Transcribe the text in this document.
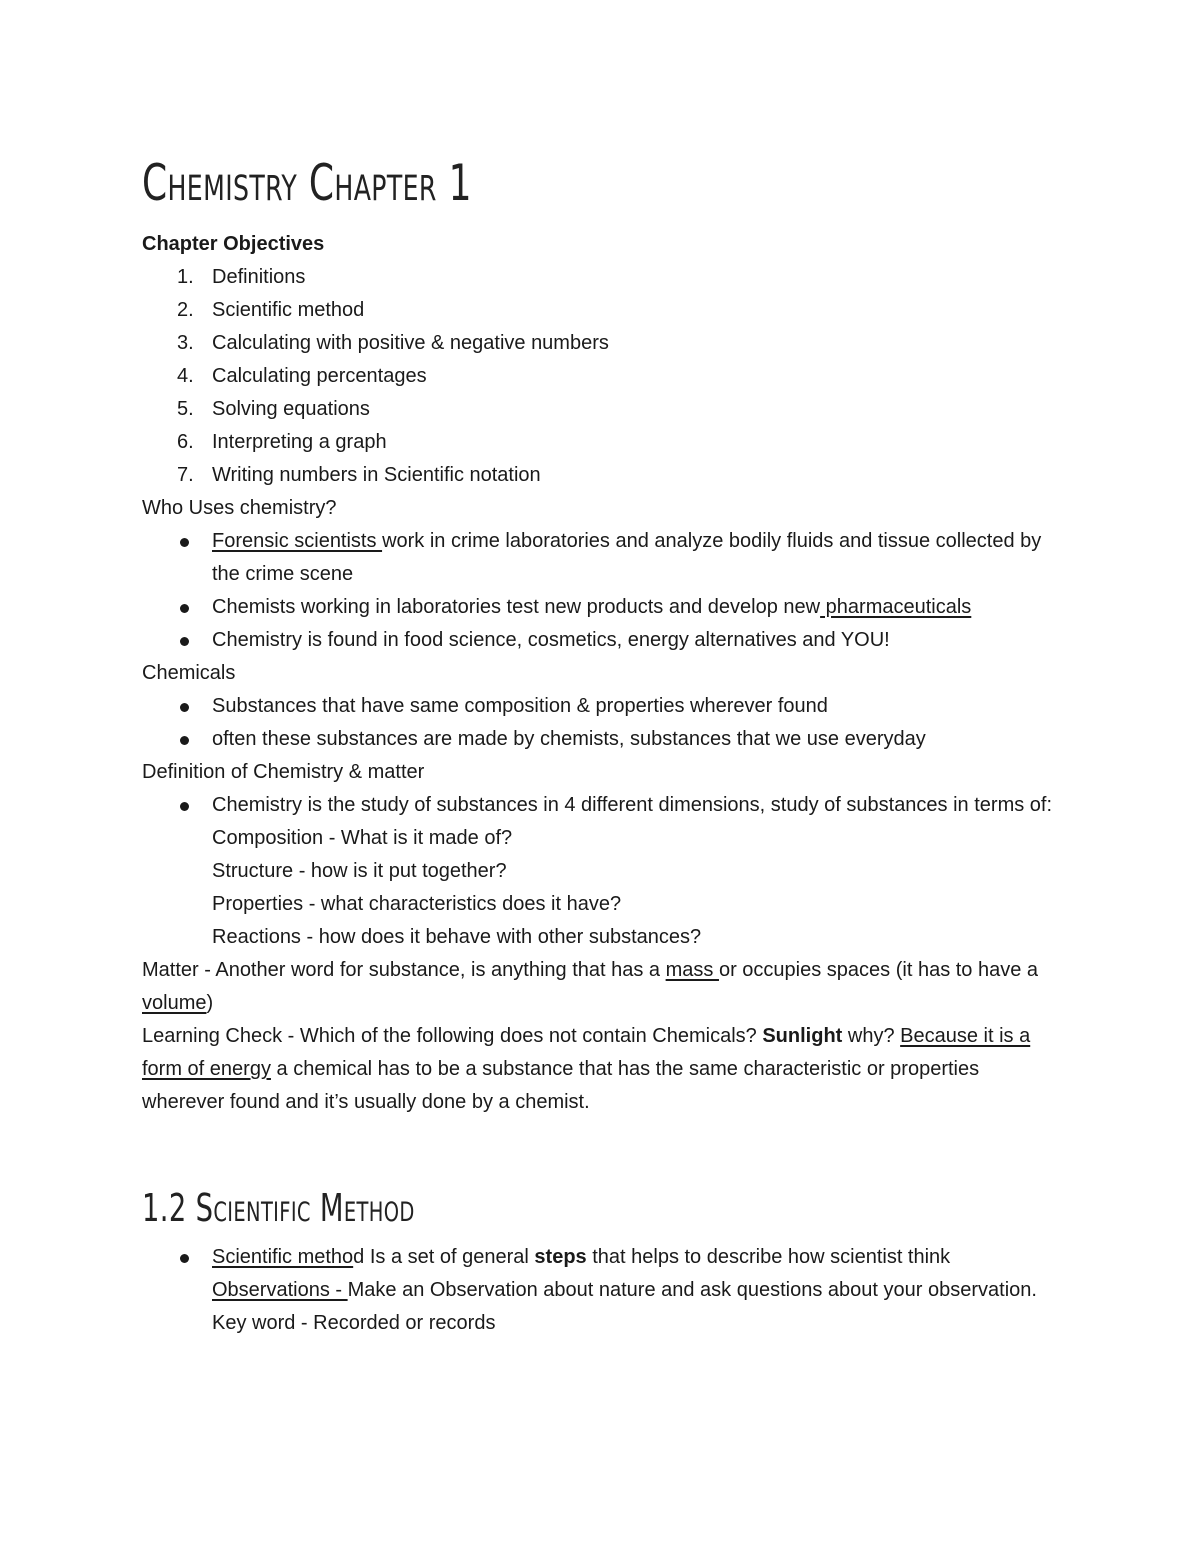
Chemistry Chapter 1

Chapter Objectives

1. Definitions
2. Scientific method
3. Calculating with positive & negative numbers
4. Calculating percentages
5. Solving equations
6. Interpreting a graph
7. Writing numbers in Scientific notation

Who Uses chemistry?

Forensic scientists work in crime laboratories and analyze bodily fluids and tissue collected by the crime scene
Chemists working in laboratories test new products and develop new pharmaceuticals
Chemistry is found in food science, cosmetics, energy alternatives and YOU!

Chemicals

Substances that have same composition & properties wherever found
often these substances are made by chemists, substances that we use everyday

Definition of Chemistry & matter

Chemistry is the study of substances in 4 different dimensions, study of substances in terms of:

Composition - What is it made of?

Structure - how is it put together?

Properties - what characteristics does it have?

Reactions - how does it behave with other substances?

Matter - Another word for substance, is anything that has a mass or occupies spaces (it has to have a volume)

Learning Check - Which of the following does not contain Chemicals? Sunlight why? Because it is a form of energy a chemical has to be a substance that has the same characteristic or properties wherever found and it’s usually done by a chemist.

1.2 Scientific Method
Scientific method Is a set of general steps that helps to describe how scientist think
Observations - Make an Observation about nature and ask questions about your observation. Key word - Recorded or records
